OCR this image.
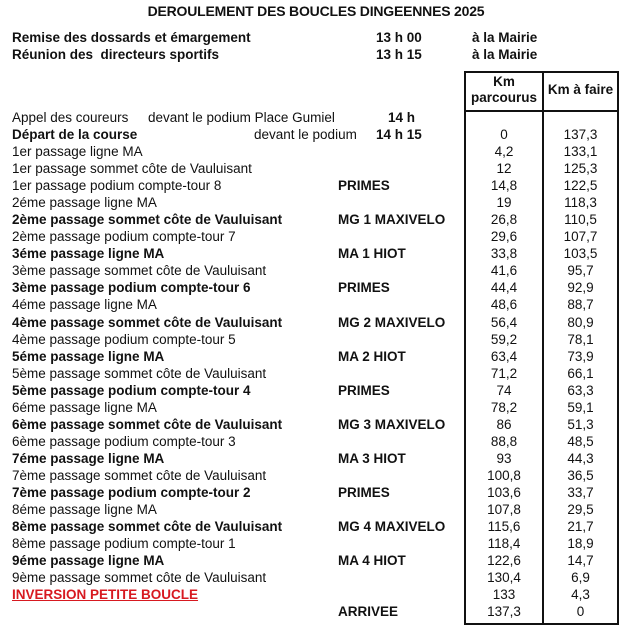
DEROULEMENT DES BOUCLES DINGEENNES 2025
Remise des dossards et émargement	13 h 00	à la Mairie
Réunion des  directeurs sportifs	13 h 15	à la Mairie
Km
parcourus
Km à faire
Appel des coureurs devant le podium Place Gumiel	14 h
Départ de la course	devant le podium 14 h 15	0	137,3
1er passage ligne MA	4,2	133,1
1er passage sommet côte de Vauluisant	12	125,3
1er passage podium compte-tour 8	PRIMES	14,8	122,5
2éme passage ligne MA	19	118,3
2ème passage sommet côte de Vauluisant	MG 1 MAXIVELO	26,8	110,5
2ème passage podium compte-tour 7	29,6	107,7
3éme passage ligne MA	MA 1 HIOT	33,8	103,5
3ème passage sommet côte de Vauluisant	41,6	95,7
3ème passage podium compte-tour 6	PRIMES	44,4	92,9
4éme passage ligne MA	48,6	88,7
4ème passage sommet côte de Vauluisant	MG 2 MAXIVELO	56,4	80,9
4ème passage podium compte-tour 5	59,2	78,1
5éme passage ligne MA	MA 2 HIOT	63,4	73,9
5ème passage sommet côte de Vauluisant	71,2	66,1
5ème passage podium compte-tour 4	PRIMES	74	63,3
6éme passage ligne MA	78,2	59,1
6ème passage sommet côte de Vauluisant	MG 3 MAXIVELO	86	51,3
6ème passage podium compte-tour 3	88,8	48,5
7éme passage ligne MA	MA 3 HIOT	93	44,3
7ème passage sommet côte de Vauluisant	100,8	36,5
7ème passage podium compte-tour 2	PRIMES	103,6	33,7
8éme passage ligne MA	107,8	29,5
8ème passage sommet côte de Vauluisant	MG 4 MAXIVELO	115,6	21,7
8ème passage podium compte-tour 1	118,4	18,9
9éme passage ligne MA	MA 4 HIOT	122,6	14,7
9ème passage sommet côte de Vauluisant	130,4	6,9
INVERSION PETITE BOUCLE	133	4,3
ARRIVEE	137,3	0
